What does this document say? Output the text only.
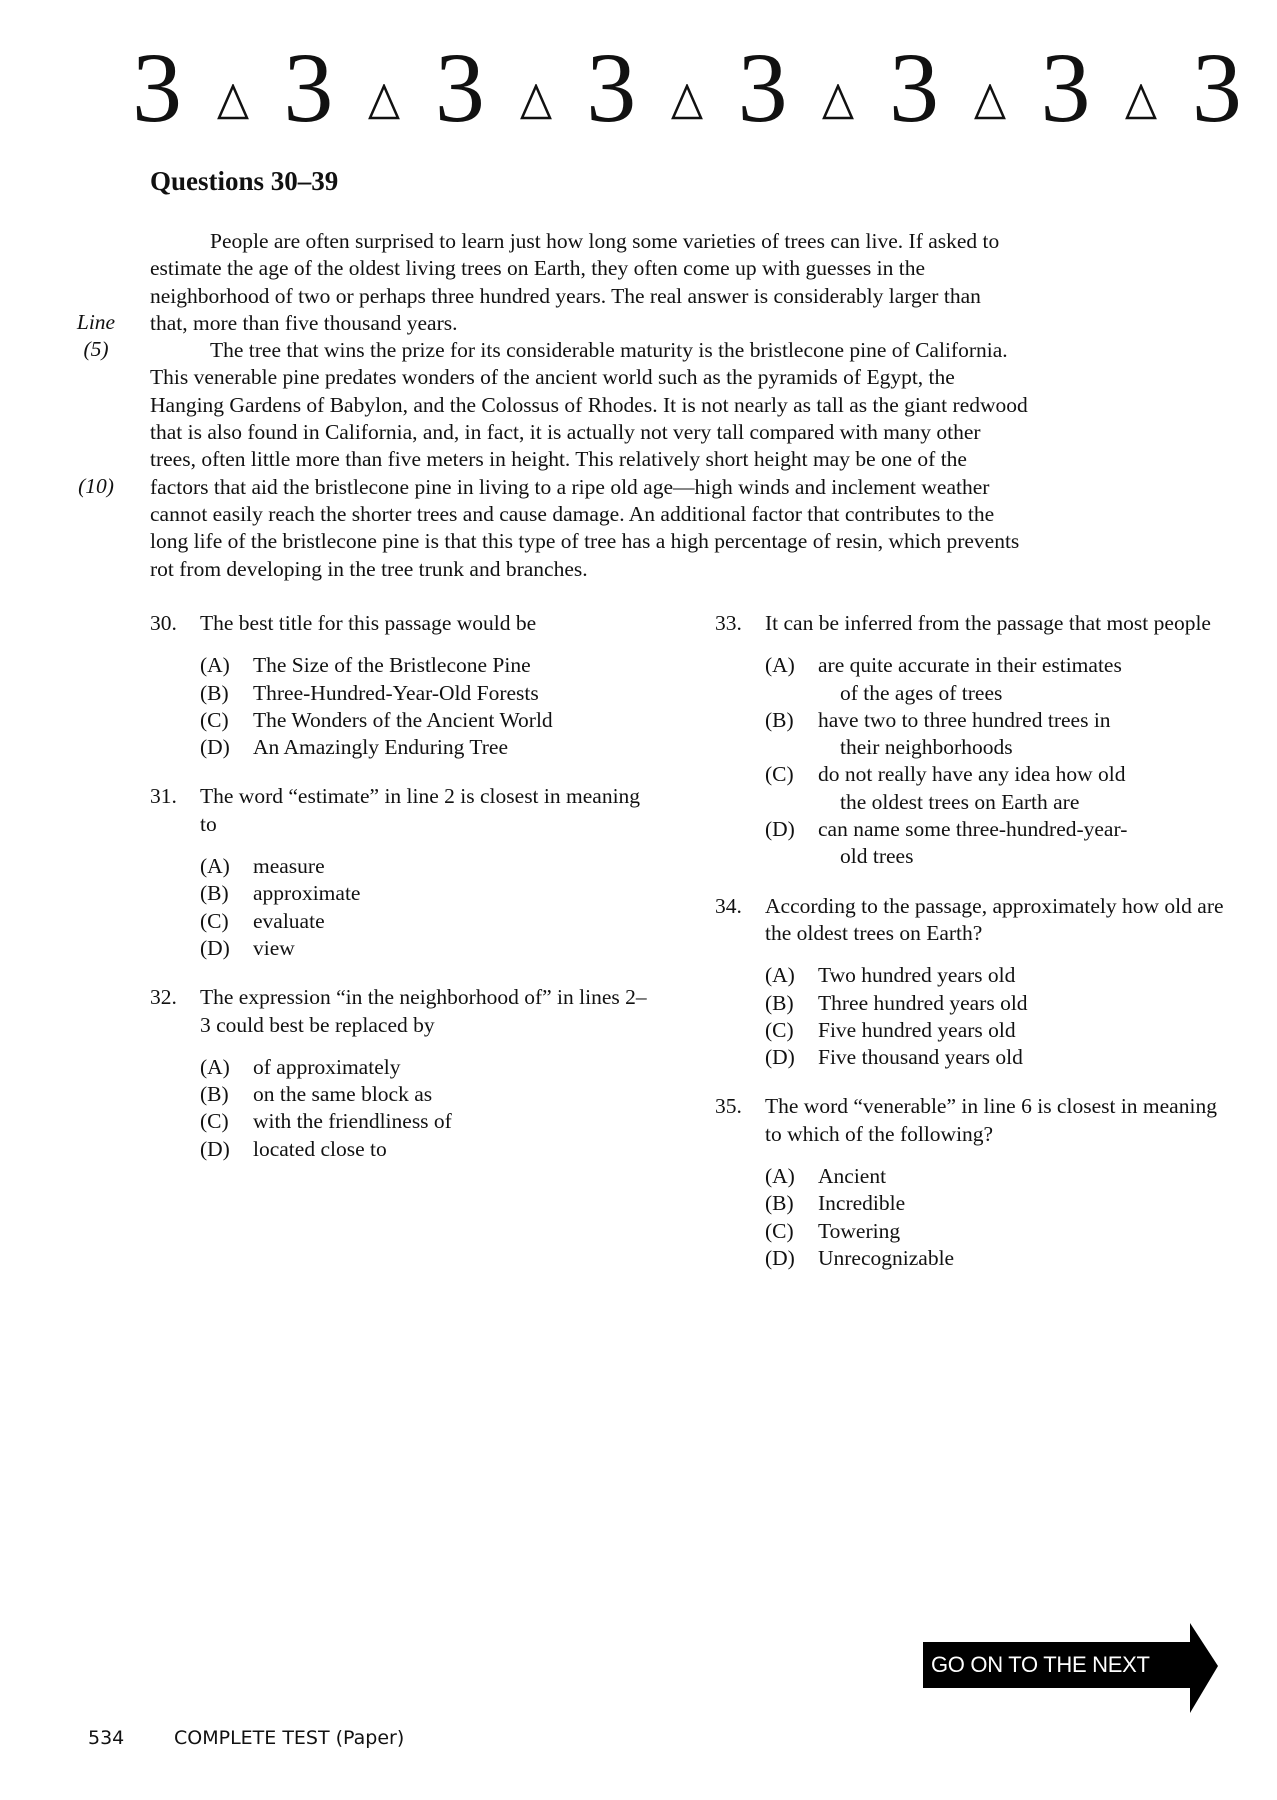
3 3 3 3 3 3 3 3
Questions 30–39
Line
(5)
(10)
People are often surprised to learn just how long some varieties of trees can live. If asked to
estimate the age of the oldest living trees on Earth, they often come up with guesses in the
neighborhood of two or perhaps three hundred years. The real answer is considerably larger than
that, more than five thousand years.
The tree that wins the prize for its considerable maturity is the bristlecone pine of California.
This venerable pine predates wonders of the ancient world such as the pyramids of Egypt, the
Hanging Gardens of Babylon, and the Colossus of Rhodes. It is not nearly as tall as the giant redwood
that is also found in California, and, in fact, it is actually not very tall compared with many other
trees, often little more than five meters in height. This relatively short height may be one of the
factors that aid the bristlecone pine in living to a ripe old age—high winds and inclement weather
cannot easily reach the shorter trees and cause damage. An additional factor that contributes to the
long life of the bristlecone pine is that this type of tree has a high percentage of resin, which prevents
rot from developing in the tree trunk and branches.
30.	The best title for this passage would be
(A)	The Size of the Bristlecone Pine
(B)	Three-Hundred-Year-Old Forests
(C)	The Wonders of the Ancient World
(D)	An Amazingly Enduring Tree
31.	The word “estimate” in line 2 is closest in meaning to
(A)	measure
(B)	approximate
(C)	evaluate
(D)	view
32.	The expression “in the neighborhood of” in lines 2– 3 could best be replaced by
(A)	of approximately
(B)	on the same block as
(C)	with the friendliness of
(D)	located close to
33.	It can be inferred from the passage that most people
(A)	are quite accurate in their estimates
of the ages of trees
(B)	have two to three hundred trees in
their neighborhoods
(C)	do not really have any idea how old
the oldest trees on Earth are
(D)	can name some three-hundred-year-
old trees
34.	According to the passage, approximately how old are the oldest trees on Earth?
(A)	Two hundred years old
(B)	Three hundred years old
(C)	Five hundred years old
(D)	Five thousand years old
35.	The word “venerable” in line 6 is closest in meaning to which of the following?
(A)	Ancient
(B)	Incredible
(C)	Towering
(D)	Unrecognizable
GO ON TO THE NEXT PAGE
534	COMPLETE TEST (Paper)
